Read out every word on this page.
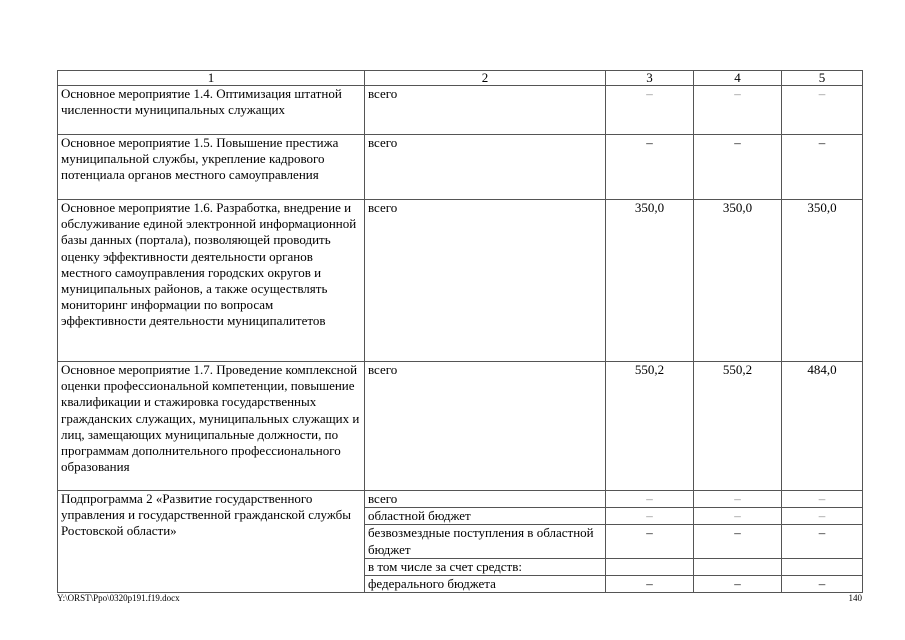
1	2	3	4	5
Основное мероприятие 1.4. Оптимизация штатной численности муниципальных служащих	всего	–	–	–
Основное мероприятие 1.5. Повышение престижа муниципальной службы, укрепление кадрового потенциала органов местного самоуправления	всего	–	–	–
Основное мероприятие 1.6. Разработка, внедрение и обслуживание единой электронной информационной базы данных (портала), позволяющей проводить оценку эффективности деятельности органов местного самоуправления городских округов и муниципальных районов, а также осуществлять мониторинг информации по вопросам эффективности деятельности муниципалитетов	всего	350,0	350,0	350,0
Основное мероприятие 1.7. Проведение комплексной оценки профессиональной компетенции, повышение квалификации и стажировка государственных гражданских служащих, муниципальных служащих и лиц, замещающих муниципальные должности, по программам дополнительного профессионального образования	всего	550,2	550,2	484,0
Подпрограмма 2 «Развитие государственного управления и государственной гражданской службы Ростовской области»	всего	–	–	–
	областной бюджет	–	–	–
	безвозмездные поступления в областной бюджет	–	–	–
	в том числе за счет средств:			
	федерального бюджета	–	–	–
Y:\ORST\Ppo\0320p191.f19.docx	140
